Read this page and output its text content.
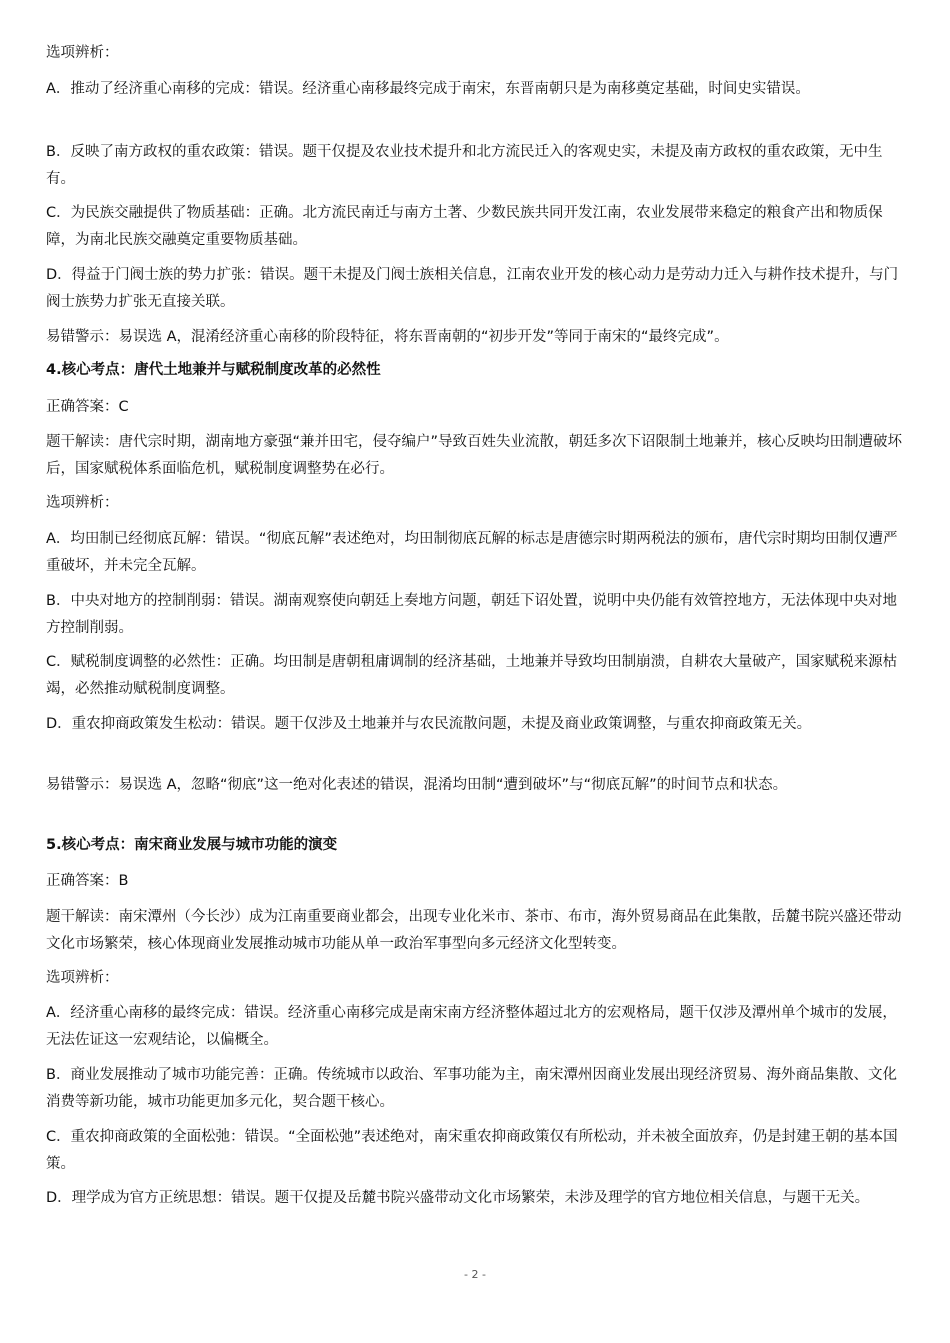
选项辨析：

A．推动了经济重心南移的完成：错误。经济重心南移最终完成于南宋，东晋南朝只是为南移奠定基础，时间史实错误。

B．反映了南方政权的重农政策：错误。题干仅提及农业技术提升和北方流民迁入的客观史实，未提及南方政权的重农政策，无中生有。

C．为民族交融提供了物质基础：正确。北方流民南迁与南方土著、少数民族共同开发江南，农业发展带来稳定的粮食产出和物质保障，为南北民族交融奠定重要物质基础。

D．得益于门阀士族的势力扩张：错误。题干未提及门阀士族相关信息，江南农业开发的核心动力是劳动力迁入与耕作技术提升，与门阀士族势力扩张无直接关联。

易错警示：易误选 A，混淆经济重心南移的阶段特征，将东晋南朝的“初步开发”等同于南宋的“最终完成”。

4.核心考点：唐代土地兼并与赋税制度改革的必然性

正确答案：C

题干解读：唐代宗时期，湖南地方豪强“兼并田宅，侵夺编户”导致百姓失业流散，朝廷多次下诏限制土地兼并，核心反映均田制遭破坏后，国家赋税体系面临危机，赋税制度调整势在必行。

选项辨析：

A．均田制已经彻底瓦解：错误。“彻底瓦解”表述绝对，均田制彻底瓦解的标志是唐德宗时期两税法的颁布，唐代宗时期均田制仅遭严重破坏，并未完全瓦解。

B．中央对地方的控制削弱：错误。湖南观察使向朝廷上奏地方问题，朝廷下诏处置，说明中央仍能有效管控地方，无法体现中央对地方控制削弱。

C．赋税制度调整的必然性：正确。均田制是唐朝租庸调制的经济基础，土地兼并导致均田制崩溃，自耕农大量破产，国家赋税来源枯竭，必然推动赋税制度调整。

D．重农抑商政策发生松动：错误。题干仅涉及土地兼并与农民流散问题，未提及商业政策调整，与重农抑商政策无关。

易错警示：易误选 A，忽略“彻底”这一绝对化表述的错误，混淆均田制“遭到破坏”与“彻底瓦解”的时间节点和状态。

5.核心考点：南宋商业发展与城市功能的演变

正确答案：B

题干解读：南宋潭州（今长沙）成为江南重要商业都会，出现专业化米市、茶市、布市，海外贸易商品在此集散，岳麓书院兴盛还带动文化市场繁荣，核心体现商业发展推动城市功能从单一政治军事型向多元经济文化型转变。

选项辨析：

A．经济重心南移的最终完成：错误。经济重心南移完成是南宋南方经济整体超过北方的宏观格局，题干仅涉及潭州单个城市的发展，无法佐证这一宏观结论，以偏概全。

B．商业发展推动了城市功能完善：正确。传统城市以政治、军事功能为主，南宋潭州因商业发展出现经济贸易、海外商品集散、文化消费等新功能，城市功能更加多元化，契合题干核心。

C．重农抑商政策的全面松弛：错误。“全面松弛”表述绝对，南宋重农抑商政策仅有所松动，并未被全面放弃，仍是封建王朝的基本国策。

D．理学成为官方正统思想：错误。题干仅提及岳麓书院兴盛带动文化市场繁荣，未涉及理学的官方地位相关信息，与题干无关。

- 2 -
